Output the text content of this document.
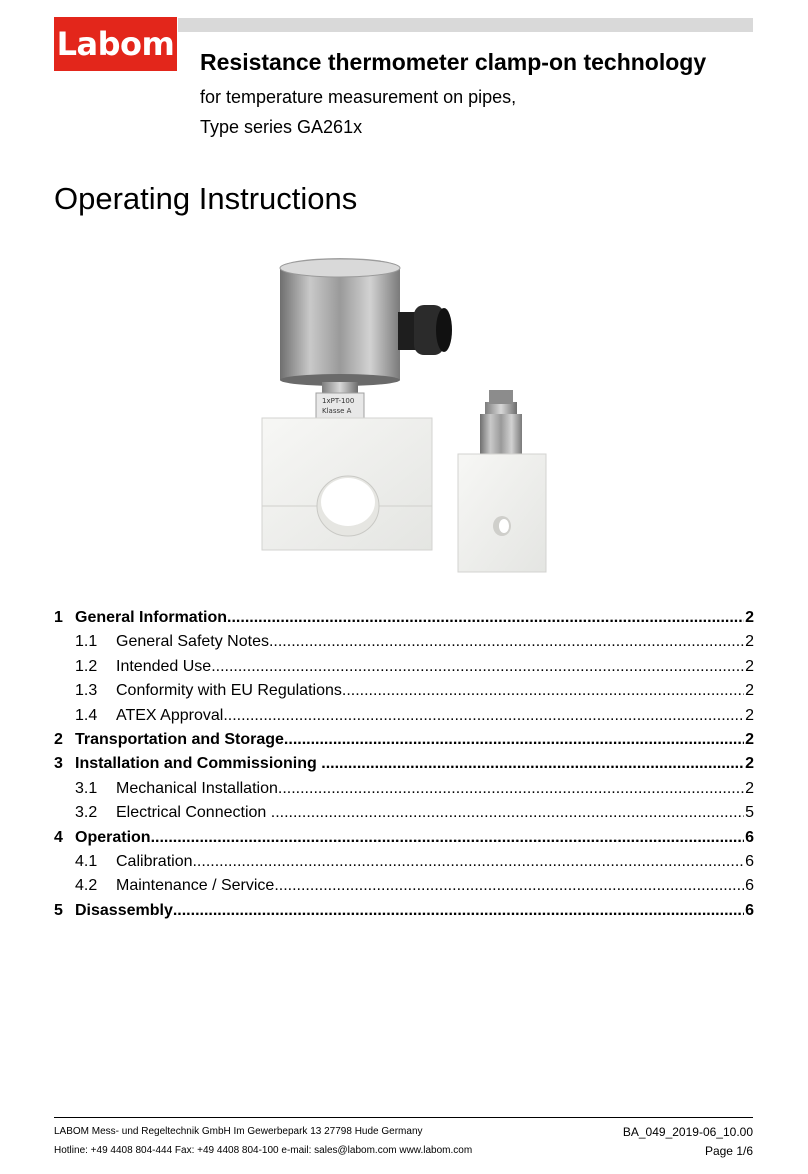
Labom Resistance thermometer clamp-on technology
for temperature measurement on pipes,
Type series GA261x
Operating Instructions
1xPT-100
Klasse A
1 General Information .....	2
1.1	General Safety Notes .....	2
1.2	Intended Use .....	2
1.3	Conformity with EU Regulations .....	2
1.4	ATEX Approval .....	2
2 Transportation and Storage .....	2
3 Installation and Commissioning .....	2
3.1	Mechanical Installation .....	2
3.2	Electrical Connection .....	5
4 Operation .....	6
4.1	Calibration .....	6
4.2	Maintenance / Service .....	6
5 Disassembly .....	6
LABOM Mess- und Regeltechnik GmbH Im Gewerbepark 13 27798 Hude Germany
Hotline: +49 4408 804-444 Fax: +49 4408 804-100 e-mail: sales@labom.com www.labom.com
BA_049_2019-06_10.00
Page 1/6
